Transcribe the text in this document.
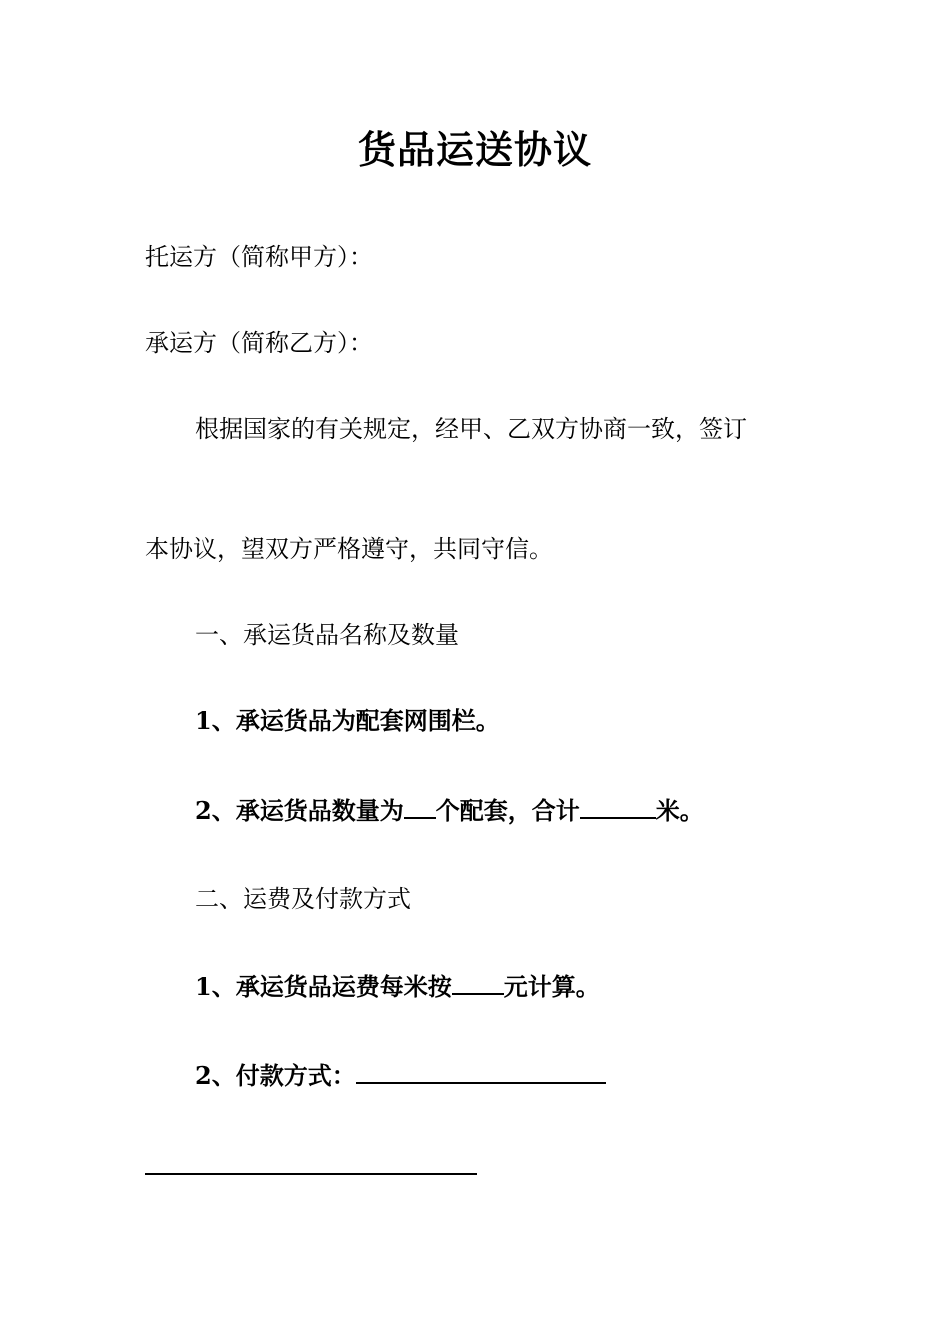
货品运送协议

托运方（简称甲方）：

承运方（简称乙方）：

根据国家的有关规定，经甲、乙双方协商一致，签订

本协议，望双方严格遵守，共同守信。

一、承运货品名称及数量

1、承运货品为配套网围栏。

2、承运货品数量为 个配套，合计	米。

二、运费及付款方式

1、承运货品运费每米按 元计算。

2、付款方式：
